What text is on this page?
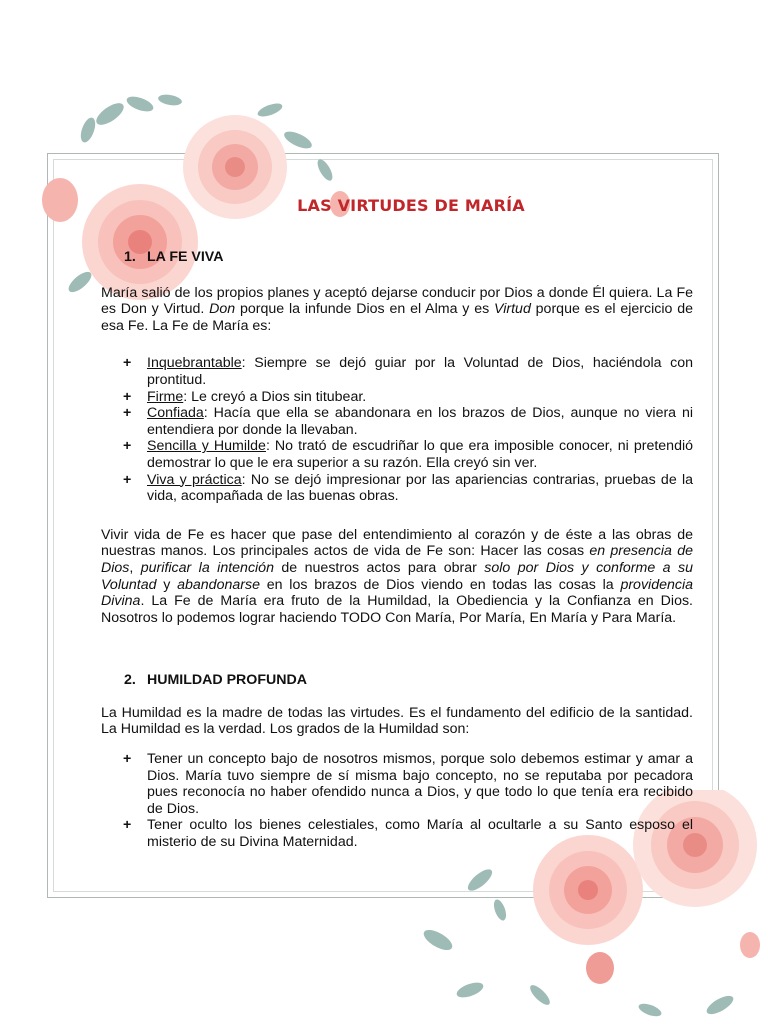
LAS VIRTUDES DE MARÍA

1. LA FE VIVA

María salió de los propios planes y aceptó dejarse conducir por Dios a donde Él quiera. La Fe es Don y Virtud. Don porque la infunde Dios en el Alma y es Virtud porque es el ejercicio de esa Fe. La Fe de María es:

+ Inquebrantable: Siempre se dejó guiar por la Voluntad de Dios, haciéndola con prontitud.
+ Firme: Le creyó a Dios sin titubear.
+ Confiada: Hacía que ella se abandonara en los brazos de Dios, aunque no viera ni entendiera por donde la llevaban.
+ Sencilla y Humilde: No trató de escudriñar lo que era imposible conocer, ni pretendió demostrar lo que le era superior a su razón. Ella creyó sin ver.
+ Viva y práctica: No se dejó impresionar por las apariencias contrarias, pruebas de la vida, acompañada de las buenas obras.

Vivir vida de Fe es hacer que pase del entendimiento al corazón y de éste a las obras de nuestras manos. Los principales actos de vida de Fe son: Hacer las cosas en presencia de Dios, purificar la intención de nuestros actos para obrar solo por Dios y conforme a su Voluntad y abandonarse en los brazos de Dios viendo en todas las cosas la providencia Divina. La Fe de María era fruto de la Humildad, la Obediencia y la Confianza en Dios. Nosotros lo podemos lograr haciendo TODO Con María, Por María, En María y Para María.

2. HUMILDAD PROFUNDA

La Humildad es la madre de todas las virtudes. Es el fundamento del edificio de la santidad. La Humildad es la verdad. Los grados de la Humildad son:

+ Tener un concepto bajo de nosotros mismos, porque solo debemos estimar y amar a Dios. María tuvo siempre de sí misma bajo concepto, no se reputaba por pecadora pues reconocía no haber ofendido nunca a Dios, y que todo lo que tenía era recibido de Dios.
+ Tener oculto los bienes celestiales, como María al ocultarle a su Santo esposo el misterio de su Divina Maternidad.
